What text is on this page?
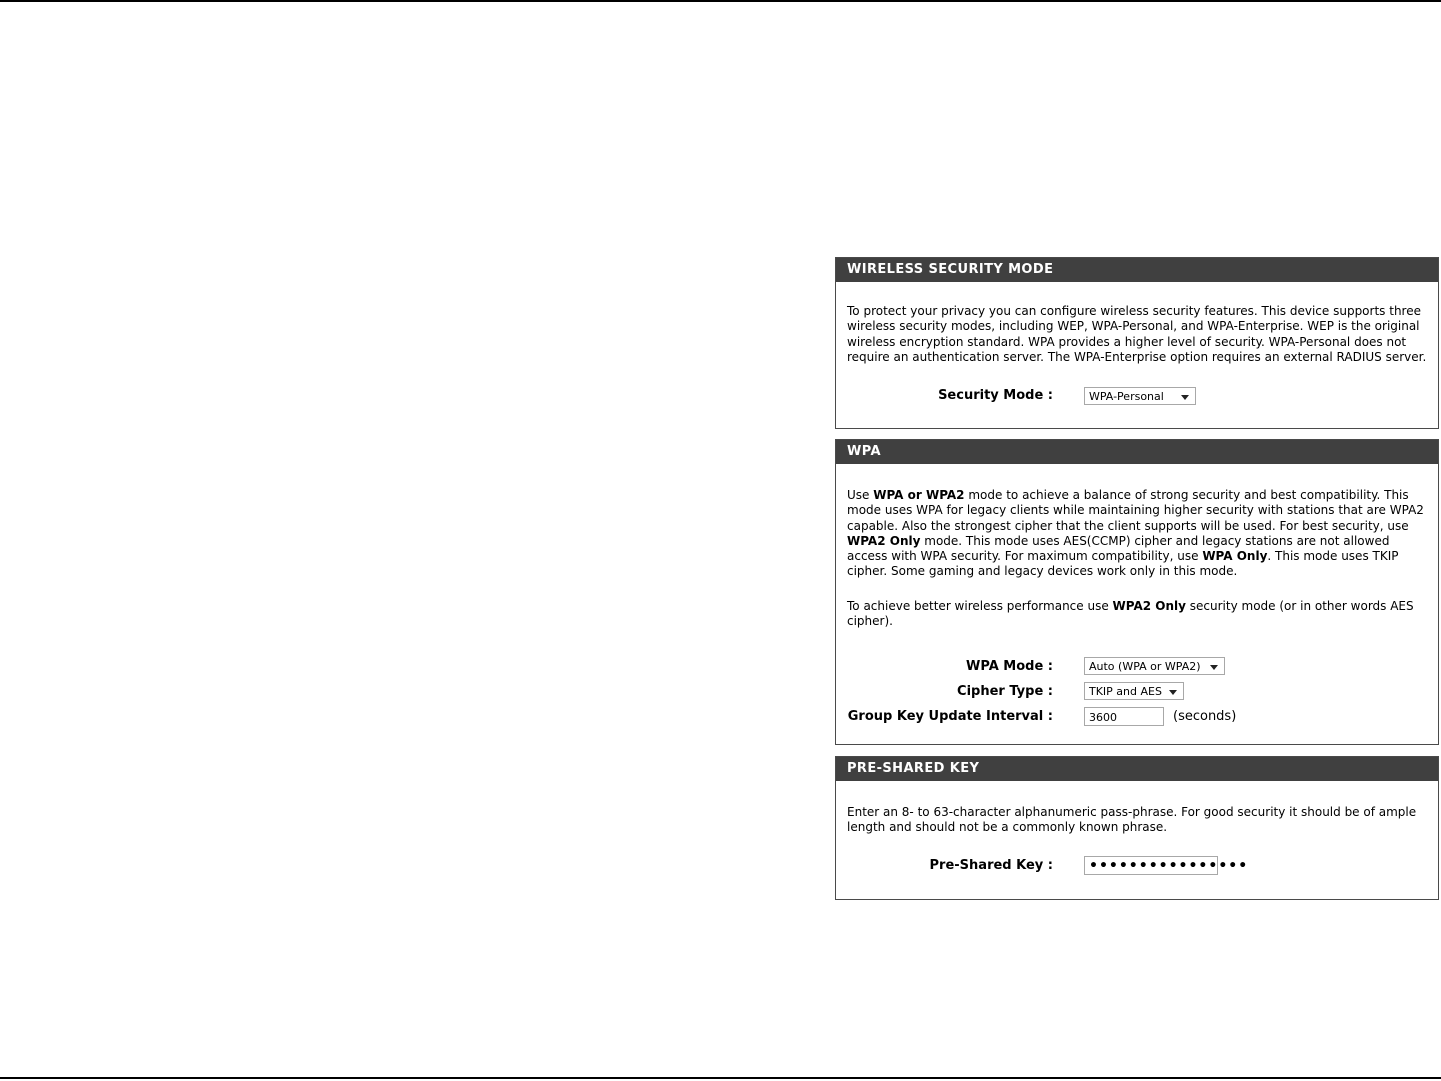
WIRELESS SECURITY MODE

To protect your privacy you can configure wireless security features. This device supports three wireless security modes, including WEP, WPA-Personal, and WPA-Enterprise. WEP is the original wireless encryption standard. WPA provides a higher level of security. WPA-Personal does not require an authentication server. The WPA-Enterprise option requires an external RADIUS server.

Security Mode :	WPA-Personal
WPA

Use WPA or WPA2 mode to achieve a balance of strong security and best compatibility. This mode uses WPA for legacy clients while maintaining higher security with stations that are WPA2 capable. Also the strongest cipher that the client supports will be used. For best security, use WPA2 Only mode. This mode uses AES(CCMP) cipher and legacy stations are not allowed access with WPA security. For maximum compatibility, use WPA Only. This mode uses TKIP cipher. Some gaming and legacy devices work only in this mode.

To achieve better wireless performance use WPA2 Only security mode (or in other words AES cipher).

WPA Mode :	Auto (WPA or WPA2)
Cipher Type :	TKIP and AES
Group Key Update Interval :	3600	(seconds)
PRE-SHARED KEY

Enter an 8- to 63-character alphanumeric pass-phrase. For good security it should be of ample length and should not be a commonly known phrase.

Pre-Shared Key :	••••••••••••••••
